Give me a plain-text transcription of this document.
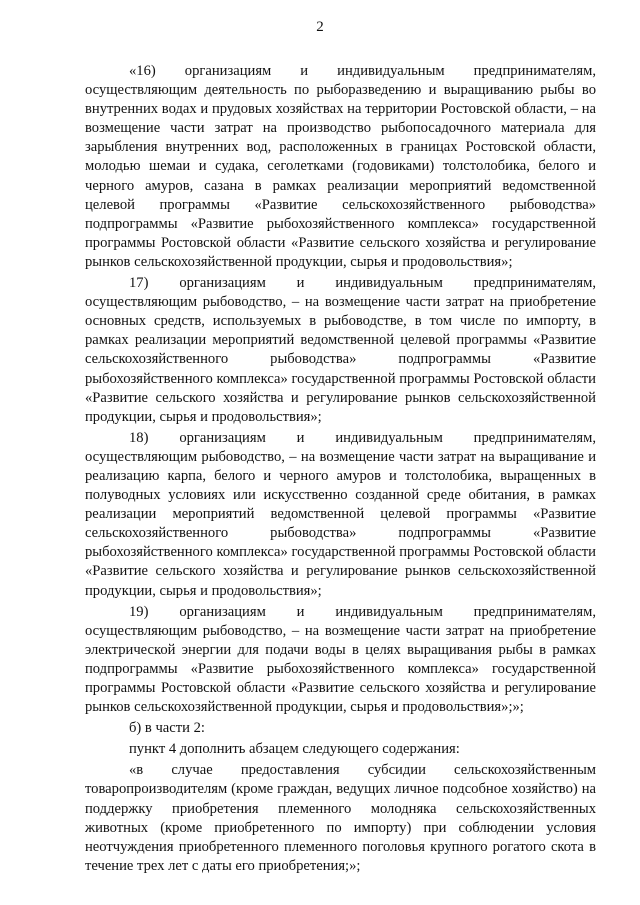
2

«16) организациям и индивидуальным предпринимателям, осуществляющим деятельность по рыборазведению и выращиванию рыбы во внутренних водах и прудовых хозяйствах на территории Ростовской области, – на возмещение части затрат на производство рыбопосадочного материала для зарыбления внутренних вод, расположенных в границах Ростовской области, молодью шемаи и судака, сеголетками (годовиками) толстолобика, белого и черного амуров, сазана в рамках реализации мероприятий ведомственной целевой программы «Развитие сельскохозяйственного рыбоводства» подпрограммы «Развитие рыбохозяйственного комплекса» государственной программы Ростовской области «Развитие сельского хозяйства и регулирование рынков сельскохозяйственной продукции, сырья и продовольствия»;

17) организациям и индивидуальным предпринимателям, осуществляющим рыбоводство, – на возмещение части затрат на приобретение основных средств, используемых в рыбоводстве, в том числе по импорту, в рамках реализации мероприятий ведомственной целевой программы «Развитие сельскохозяйственного рыбоводства» подпрограммы «Развитие рыбохозяйственного комплекса» государственной программы Ростовской области «Развитие сельского хозяйства и регулирование рынков сельскохозяйственной продукции, сырья и продовольствия»;

18) организациям и индивидуальным предпринимателям, осуществляющим рыбоводство, – на возмещение части затрат на выращивание и реализацию карпа, белого и черного амуров и толстолобика, выращенных в полуводных условиях или искусственно созданной среде обитания, в рамках реализации мероприятий ведомственной целевой программы «Развитие сельскохозяйственного рыбоводства» подпрограммы «Развитие рыбохозяйственного комплекса» государственной программы Ростовской области «Развитие сельского хозяйства и регулирование рынков сельскохозяйственной продукции, сырья и продовольствия»;

19) организациям и индивидуальным предпринимателям, осуществляющим рыбоводство, – на возмещение части затрат на приобретение электрической энергии для подачи воды в целях выращивания рыбы в рамках подпрограммы «Развитие рыбохозяйственного комплекса» государственной программы Ростовской области «Развитие сельского хозяйства и регулирование рынков сельскохозяйственной продукции, сырья и продовольствия»;»;

б) в части 2:

пункт 4 дополнить абзацем следующего содержания:

«в случае предоставления субсидии сельскохозяйственным товаропроизводителям (кроме граждан, ведущих личное подсобное хозяйство) на поддержку приобретения племенного молодняка сельскохозяйственных животных (кроме приобретенного по импорту) при соблюдении условия неотчуждения приобретенного племенного поголовья крупного рогатого скота в течение трех лет с даты его приобретения;»;
